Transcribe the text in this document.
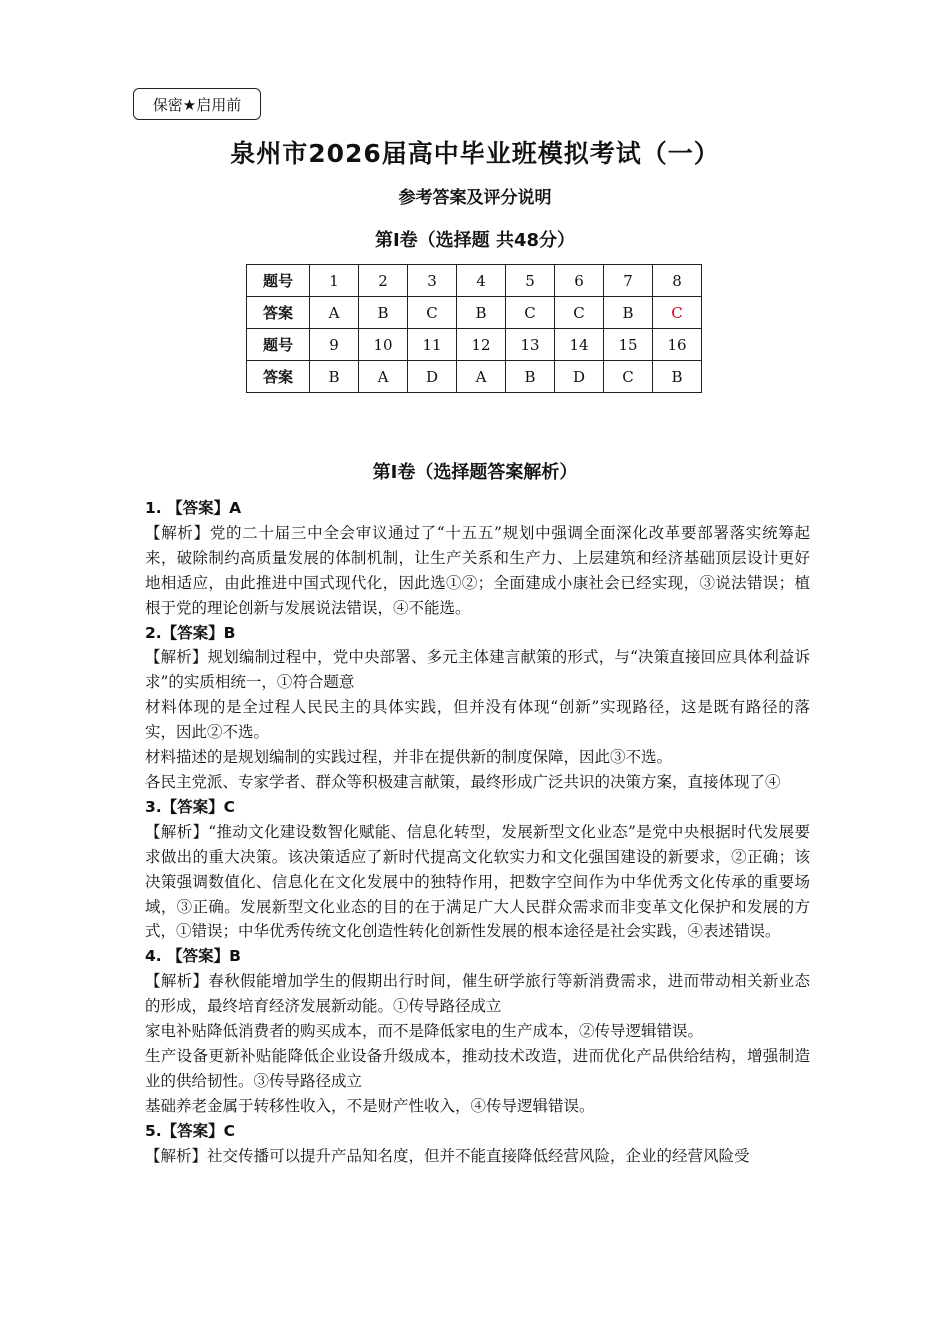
保密★启用前
泉州市2026届高中毕业班模拟考试（一）
参考答案及评分说明
第Ⅰ卷（选择题 共48分）
题号	1	2	3	4	5	6	7	8
答案	A	B	C	B	C	C	B	C
题号	9	10	11	12	13	14	15	16
答案	B	A	D	A	B	D	C	B
第Ⅰ卷（选择题答案解析）

1. 【答案】A

【解析】党的二十届三中全会审议通过了“十五五”规划中强调全面深化改革要部署落实统筹起来，破除制约高质量发展的体制机制，让生产关系和生产力、上层建筑和经济基础顶层设计更好地相适应，由此推进中国式现代化，因此选①②；全面建成小康社会已经实现，③说法错误；植根于党的理论创新与发展说法错误，④不能选。

2.【答案】B

【解析】规划编制过程中，党中央部署、多元主体建言献策的形式，与“决策直接回应具体利益诉求”的实质相统一，①符合题意

材料体现的是全过程人民民主的具体实践，但并没有体现“创新”实现路径，这是既有路径的落实，因此②不选。

材料描述的是规划编制的实践过程，并非在提供新的制度保障，因此③不选。

各民主党派、专家学者、群众等积极建言献策，最终形成广泛共识的决策方案，直接体现了④

3.【答案】C

【解析】“推动文化建设数智化赋能、信息化转型，发展新型文化业态”是党中央根据时代发展要求做出的重大决策。该决策适应了新时代提高文化软实力和文化强国建设的新要求，②正确；该决策强调数值化、信息化在文化发展中的独特作用，把数字空间作为中华优秀文化传承的重要场域，③正确。发展新型文化业态的目的在于满足广大人民群众需求而非变革文化保护和发展的方式，①错误；中华优秀传统文化创造性转化创新性发展的根本途径是社会实践，④表述错误。

4. 【答案】B

【解析】春秋假能增加学生的假期出行时间，催生研学旅行等新消费需求，进而带动相关新业态的形成，最终培育经济发展新动能。①传导路径成立

家电补贴降低消费者的购买成本，而不是降低家电的生产成本，②传导逻辑错误。

生产设备更新补贴能降低企业设备升级成本，推动技术改造，进而优化产品供给结构，增强制造业的供给韧性。③传导路径成立

基础养老金属于转移性收入，不是财产性收入，④传导逻辑错误。

5.【答案】C

【解析】社交传播可以提升产品知名度，但并不能直接降低经营风险，企业的经营风险受
